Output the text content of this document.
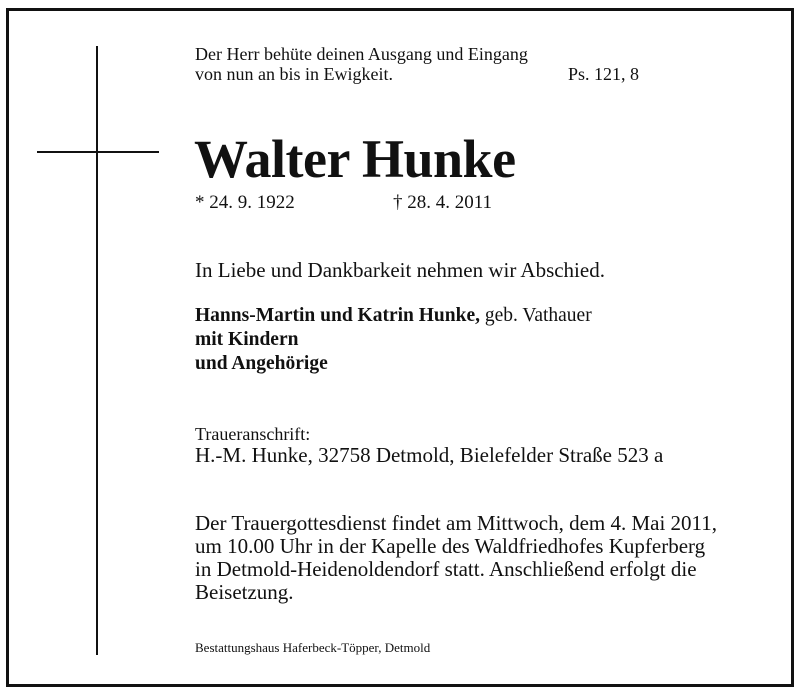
Der Herr behüte deinen Ausgang und Eingang
von nun an bis in Ewigkeit.	Ps. 121, 8
Walter Hunke
* 24. 9. 1922	† 28. 4. 2011
In Liebe und Dankbarkeit nehmen wir Abschied.
Hanns-Martin und Katrin Hunke, geb. Vathauer
mit Kindern
und Angehörige
Traueranschrift:
H.-M. Hunke, 32758 Detmold, Bielefelder Straße 523 a
Der Trauergottesdienst findet am Mittwoch, dem 4. Mai 2011,
um 10.00 Uhr in der Kapelle des Waldfriedhofes Kupferberg
in Detmold-Heidenoldendorf statt. Anschließend erfolgt die
Beisetzung.
Bestattungshaus Haferbeck-Töpper, Detmold
